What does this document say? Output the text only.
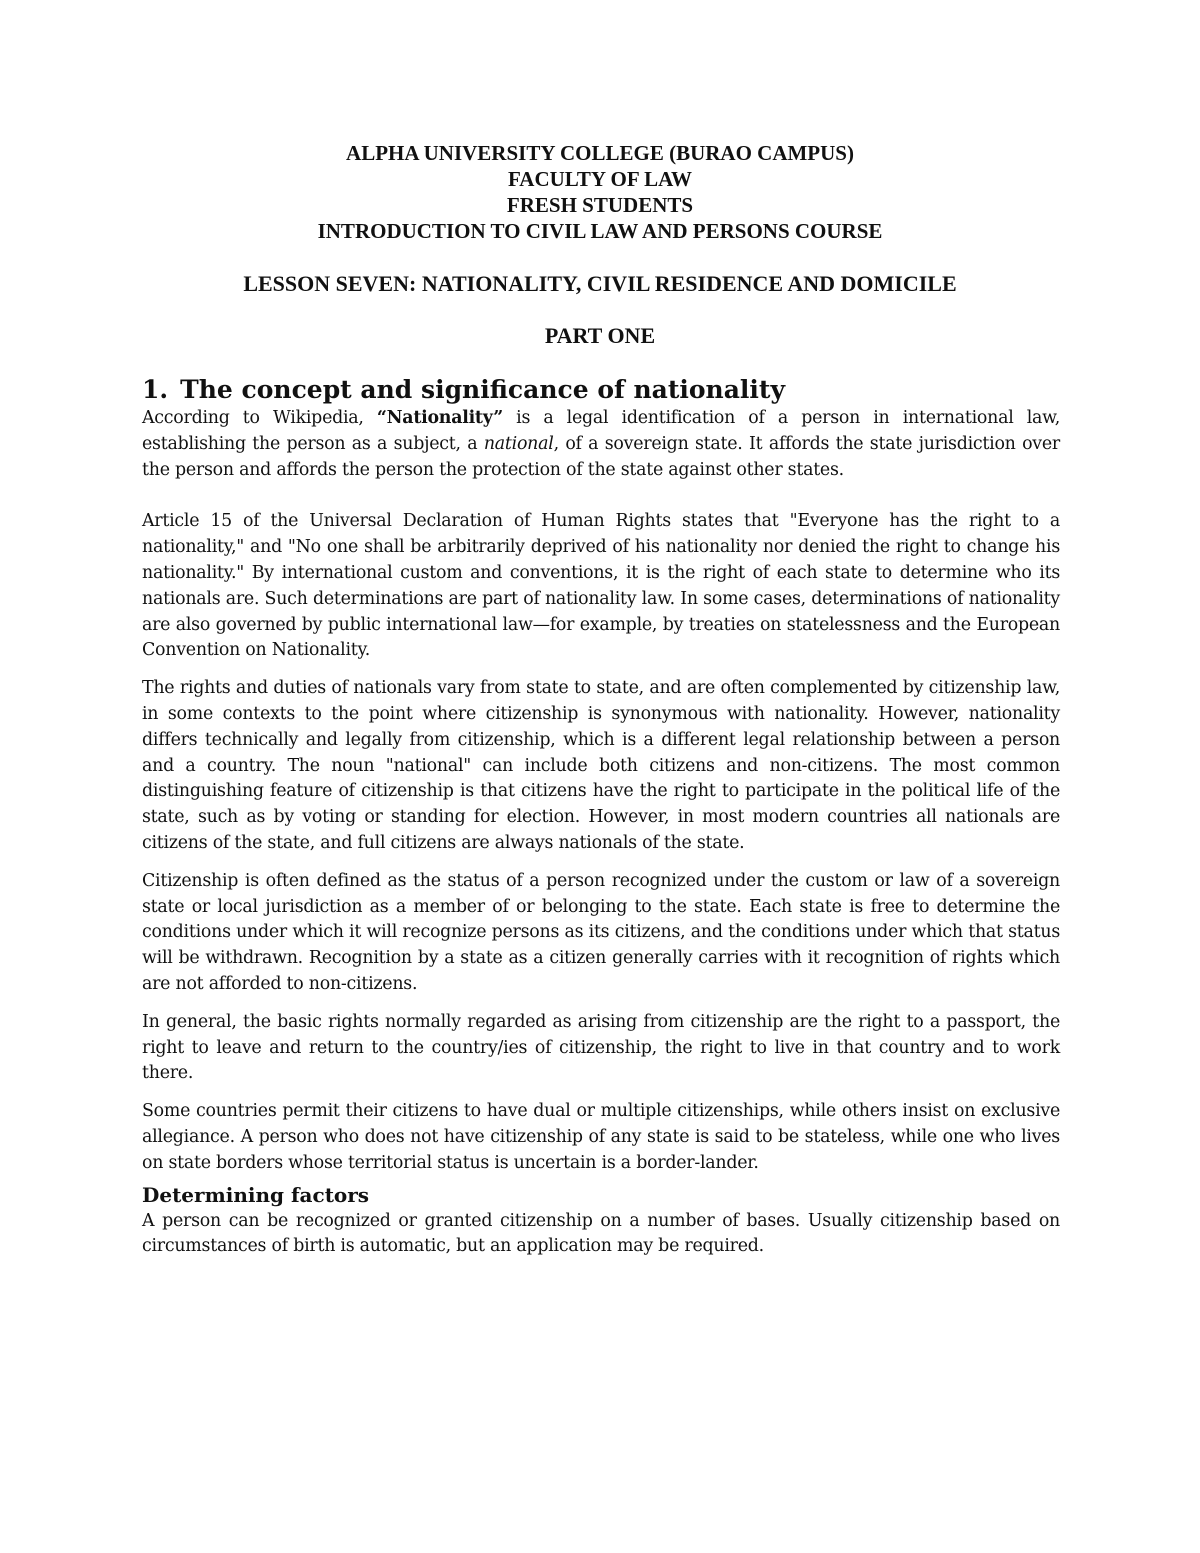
ALPHA UNIVERSITY COLLEGE (BURAO CAMPUS)
FACULTY OF LAW
FRESH STUDENTS
INTRODUCTION TO CIVIL LAW AND PERSONS COURSE
LESSON SEVEN: NATIONALITY, CIVIL RESIDENCE AND DOMICILE
PART ONE
1. The concept and significance of nationality

According to Wikipedia, “Nationality” is a legal identification of a person in international law, establishing the person as a subject, a national, of a sovereign state. It affords the state jurisdiction over the person and affords the person the protection of the state against other states.

Article 15 of the Universal Declaration of Human Rights states that "Everyone has the right to a nationality," and "No one shall be arbitrarily deprived of his nationality nor denied the right to change his nationality." By international custom and conventions, it is the right of each state to determine who its nationals are. Such determinations are part of nationality law. In some cases, determinations of nationality are also governed by public international law—for example, by treaties on statelessness and the European Convention on Nationality.

The rights and duties of nationals vary from state to state, and are often complemented by citizenship law, in some contexts to the point where citizenship is synonymous with nationality. However, nationality differs technically and legally from citizenship, which is a different legal relationship between a person and a country. The noun "national" can include both citizens and non-citizens. The most common distinguishing feature of citizenship is that citizens have the right to participate in the political life of the state, such as by voting or standing for election. However, in most modern countries all nationals are citizens of the state, and full citizens are always nationals of the state.

Citizenship is often defined as the status of a person recognized under the custom or law of a sovereign state or local jurisdiction as a member of or belonging to the state. Each state is free to determine the conditions under which it will recognize persons as its citizens, and the conditions under which that status will be withdrawn. Recognition by a state as a citizen generally carries with it recognition of rights which are not afforded to non-citizens.

In general, the basic rights normally regarded as arising from citizenship are the right to a passport, the right to leave and return to the country/ies of citizenship, the right to live in that country and to work there.

Some countries permit their citizens to have dual or multiple citizenships, while others insist on exclusive allegiance. A person who does not have citizenship of any state is said to be stateless, while one who lives on state borders whose territorial status is uncertain is a border-lander.

Determining factors

A person can be recognized or granted citizenship on a number of bases. Usually citizenship based on circumstances of birth is automatic, but an application may be required.
